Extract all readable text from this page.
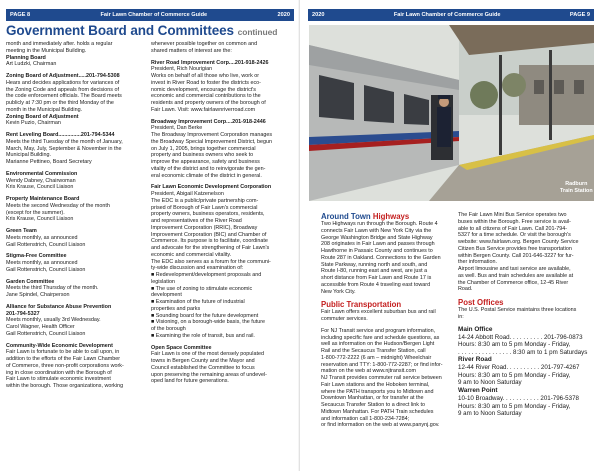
PAGE 8	Fair Lawn Chamber of Commerce Guide	2020
Government Board and Committees continued

month and immediately after. holds a regular

meeting in the Municipal Building.

Planning Board

Art Ludzki, Chairman

Zoning Board of Adjustment.....201-794-5308

Hears and decides applications for variances of

the Zoning Code and appeals from decisions of

the code enforcement officials. The Board meets

publicly at 7:30 pm or the third Monday of the

month in the Municipal Building.

Zoning Board of Adjustment

Kevin Puzio, Chairman

Rent Leveling Board...............201-794-5344

Meets the third Tuesday of the month of January,

March, May, July, September & November in the

Municipal Building.

Marianne Pettineo, Board Secretary

Environmental Commission

Wendy Dabney, Chairwoman

Kris Krause, Council Liaison

Property Maintenance Board

Meets the second Wednesday of the month

(except for the summer).

Kris Krause, Council Liaison

Green Team

Meets monthly, as announced

Gail Rottenstrich, Council Liaison

Stigma-Free Committee

Meets monthly, as announced

Gail Rottenstrich, Council Liaison

Garden Committee

Meets the third Thursday of the month.

Jane Spindel, Chairperson

Alliance for Substance Abuse Prevention

201-794-5327

Meets monthly, usually 3rd Wednesday.

Carol Wagner, Health Officer

Gail Rottenstrich, Council Liaison

Community-Wide Economic Development

Fair Lawn is fortunate to be able to call upon, in

addition to the efforts of the Fair Lawn Chamber

of Commerce, three non-profit corporations work-

ing in close coordination with the Borough of

Fair Lawn to stimulate economic investment

within the borough. Those organizations, working

whenever possible together on common and

shared matters of interest are the:

River Road Improvement Corp....201-918-2426

President, Rich Nourigian

Works on behalf of all those who live, work or

invest in River Road to foster the districts eco-

nomic development, encourage the district's

economic and commercial contributions to the

residents and property owners of the borough of

Fair Lawn. Visit: www.fairlawnriverroad.com

Broadway Improvement Corp....201-918-2446

President, Dan Berke

The Broadway Improvement Corporation manages

the Broadway Special Improvement District, begun

on July 1, 2005, brings together commercial

property and business owners who seek to

improve the appearance, safety and business

vitality of the district and to reinvigorate the gen-

eral economic climate of the district in general.

Fair Lawn Economic Development Corporation

President, Abigail Katzenelson

The EDC is a public/private partnership com-

prised of Borough of Fair Lawn's commercial

property owners, business operators, residents,

and representatives of the River Road

Improvement Corporation (RRIC), Broadway

Improvement Corporation (BIC) and Chamber of

Commerce. Its purpose is to facilitate, coordinate

and advocate for the strengthening of Fair Lawn's

economic and commercial vitality.

The EDC also serves as a forum for the communi-

ty-wide discussion and examination of:

■ Redevelopment/development proposals and

legislation

■ The use of zoning to stimulate economic

development

■ Examination of the future of industrial

properties and parks

■ Sounding board for the future development

■ Visioning, on a borough-wide basis, the future

of the borough

■ Examining the role of transit, bus and rail.

Open Space Committee

Fair Lawn is one of the most densely populated

towns in Bergen County and the Mayor and

Council established the Committee to focus

upon preserving the remaining areas of undevel-

oped land for future generations.

2020	Fair Lawn Chamber of Commerce Guide	PAGE 9
Radburn
Train Station

Around Town Highways

Two Highways run through the Borough. Route 4

connects Fair Lawn with New York City via the

George Washington Bridge and State Highway

208 originates in Fair Lawn and passes through

Hawthorne in Passaic County and continues to

Route 287 in Oakland. Connections to the Garden

State Parkway, running north and south, and

Route I-80, running east and west, are just a

short distance from Fair Lawn and Route 17 is

accessible from Route 4 traveling east toward

New York City.

Public Transportation

Fair Lawn offers excellent suburban bus and rail

commuter services.

For NJ Transit service and program information,

including specific fare and schedule questions, as

well as information on the Hudson/Bergen Light

Rail and the Secaucus Transfer Station, call

1-800-772-2222 (6 am – midnight) Wheelchair

reservation and TTY: 1-800-772-2287; or find infor-

mation on the web at www.njtransit.com

NJ Transit provides commuter rail service between

Fair Lawn stations and the Hoboken terminal,

where the PATH transports you to Midtown and

Downtown Manhattan, or for transfer at the

Secaucus Transfer Station to a direct link to

Midtown Manhattan. For PATH Train schedules

and information call 1-800-234-7284;

or find information on the web at www.panynj.gov.

The Fair Lawn Mini Bus Service operates two

buses within the Borough. Free service is avail-

able to all citizens of Fair Lawn. Call 201-794-

5327 for a time schedule. Or visit the borough's

website: www.fairlawn.org. Bergen County Service

Citizen Bus Service provides free transportation

within Bergen County. Call 201-646-3227 for fur-

ther information.

Airport limousine and taxi service are available,

as well. Bus and train schedules are available at

the Chamber of Commerce office, 12-45 River

Road.

Post Offices

The U.S. Postal Service maintains three locations

in:

Main Office

14-24 Abbott Road. . . . . . . . . . 201-796-0873

Hours: 8:30 am to 5 pm Monday - Friday,

. . . . . . . . . . . . . . . . 8:30 am to 1 pm Saturdays

River Road

12-44 River Road. . . . . . . . . . 201-797-4267

Hours: 8:30 am to 5 pm Monday - Friday,

9 am to Noon Saturday

Warren Point

10-10 Broadway. . . . . . . . . . . 201-796-5378

Hours: 8:30 am to 5 pm Monday - Friday,

9 am to Noon Saturday
